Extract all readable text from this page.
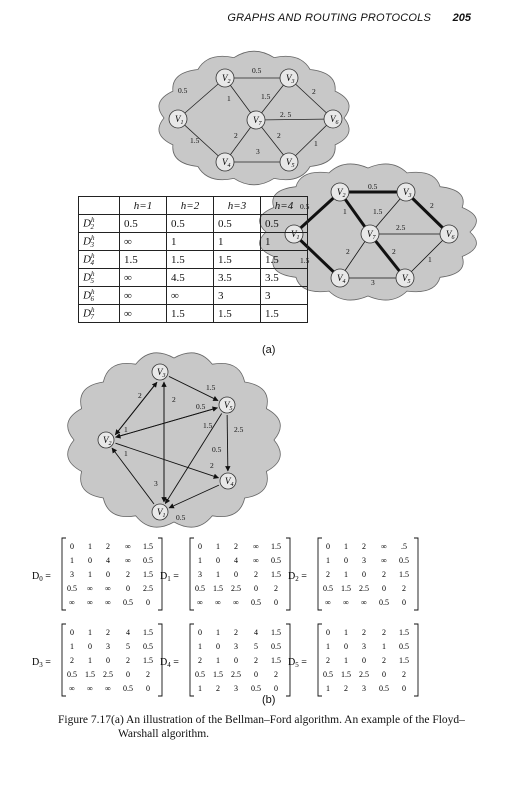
GRAPHS AND ROUTING PROTOCOLS 205
0.5
0.5
1	1.5
2
2. 5
1.5
2	2
3
1
0.5
0.5
1	1.5
2
2.5
1.5
2	2
3
1
2	2
1.5
0.5
1.5	2.5
1
1	0.5
2
3
0.5
$V_1$
$V_2$	$V_3$
$V_4$	$V_5$
$V_6$
$V_7$
$V_1$
$V_2$	$V_3$
$V_4$	$V_5$
$V_6$
$V_7$
$V_1$
$V_2$
$V_3$
$V_4$
$V_5$
$D_0$ =
0 1 2 ∞ 1.5
1 0 4 ∞ 0.5
3 1 0 2 1.5
0.5 ∞ ∞ 0 2.5
∞ ∞ ∞ 0.5 0
$D_1$ =
0 1 2 ∞ 1.5
1 0 4 ∞ 0.5
3 1 0 2 1.5
0.5 1.5 2.5 0 2
∞ ∞ ∞ 0.5 0
$D_2$ =
0 1 2 ∞ .5
1 0 3 ∞ 0.5
2 1 0 2 1.5
0.5 1.5 2.5 0 2
∞ ∞ ∞ 0.5 0
$D_3$ =
0 1 2 4 1.5
1 0 3 5 0.5
2 1 0 2 1.5
0.5 1.5 2.5 0 2
∞ ∞ ∞ 0.5 0
$D_4$ =
0 1 2 4 1.5
1 0 3 5 0.5
2 1 0 2 1.5
0.5 1.5 2.5 0 2
1 2 3 0.5 0
$D_5$ =
0 1 2 2 1.5
1 0 3 1 0.5
2 1 0 2 1.5
0.5 1.5 2.5 0 2
1 2 3 0.5 0
	h=1	h=2	h=3	h=4
$D^h_2$	0.5	0.5	0.5	0.5
$D^h_3$	∞	1	1	1
$D^h_4$	1.5	1.5	1.5	1.5
$D^h_5$	∞	4.5	3.5	3.5
$D^h_6$	∞	∞	3	3
$D^h_7$	∞	1.5	1.5	1.5
(a)
(b)
Figure 7.17(a) An illustration of the Bellman–Ford algorithm. An example of the Floyd–
Warshall algorithm.
